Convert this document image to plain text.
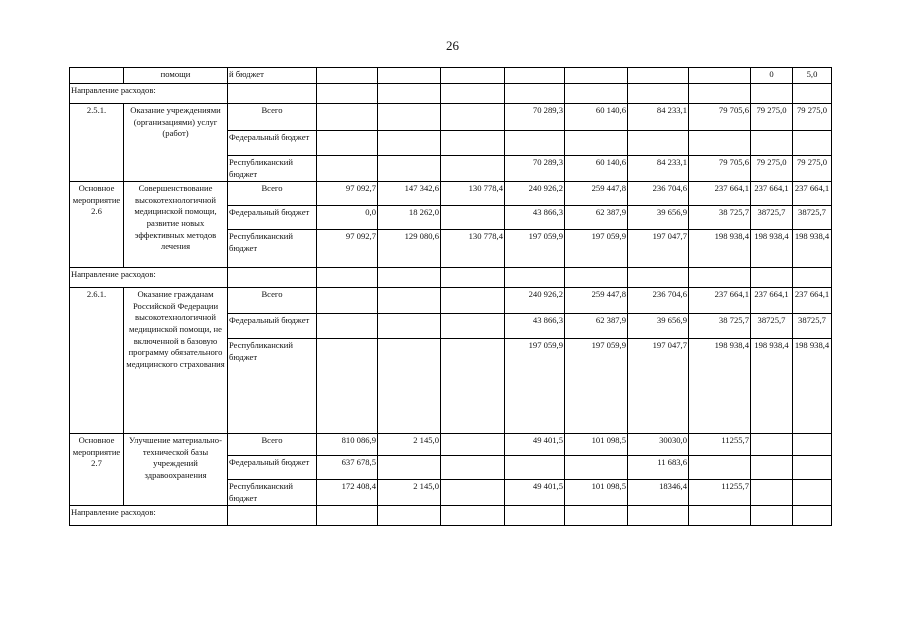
26
	помощи	й бюджет								0	5,0
Направление расходов:											
2.5.1.	Оказание учреждениями (организациями) услуг (работ)	Всего				70 289,3	60 140,6	84 233,1	79 705,6	79 275,0	79 275,0
		Федеральный бюджет									
		Республиканский бюджет				70 289,3	60 140,6	84 233,1	79 705,6	79 275,0	79 275,0
Основное мероприятие 2.6	Совершенствование высокотехнологичной медицинской помощи, развитие новых эффективных методов лечения	Всего	97 092,7	147 342,6	130 778,4	240 926,2	259 447,8	236 704,6	237 664,1	237 664,1	237 664,1
		Федеральный бюджет	0,0	18 262,0		43 866,3	62 387,9	39 656,9	38 725,7	38725,7	38725,7
		Республиканский бюджет	97 092,7	129 080,6	130 778,4	197 059,9	197 059,9	197 047,7	198 938,4	198 938,4	198 938,4
Направление расходов:											
2.6.1.	Оказание гражданам Российской Федерации высокотехнологичной медицинской помощи, не включенной в базовую программу обязательного медицинского страхования	Всего				240 926,2	259 447,8	236 704,6	237 664,1	237 664,1	237 664,1
		Федеральный бюджет				43 866,3	62 387,9	39 656,9	38 725,7	38725,7	38725,7
		Республиканский бюджет				197 059,9	197 059,9	197 047,7	198 938,4	198 938,4	198 938,4
Основное мероприятие 2.7	Улучшение материально-технической базы учреждений здравоохранения	Всего	810 086,9	2 145,0		49 401,5	101 098,5	30030,0	11255,7		
		Федеральный бюджет	637 678,5					11 683,6			
		Республиканский бюджет	172 408,4	2 145,0		49 401,5	101 098,5	18346,4	11255,7		
Направление расходов:											
